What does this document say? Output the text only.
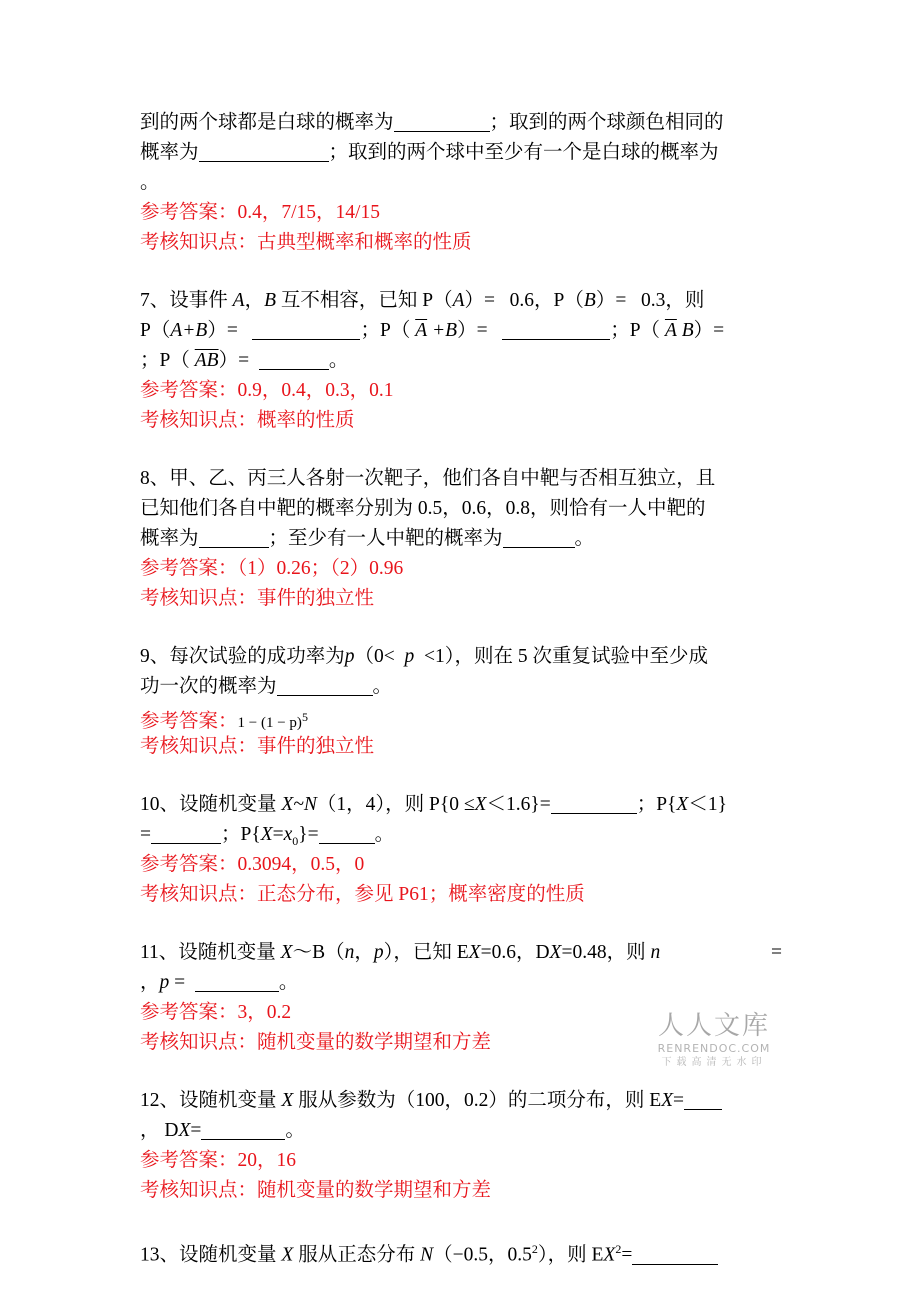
到的两个球都是白球的概率为	；取到的两个球颜色相同的
概率为	；取到的两个球中至少有一个是白球的概率为
。
参考答案：0.4，7/15，14/15
考核知识点：古典型概率和概率的性质
7、设事件 A，B 互不相容，已知 P（A）= 0.6，P（B）= 0.3，则
P（A+B）=	；P（ $\overline{A} +B)=$	；P（ $\overline{A}$ B）=
；P（ $\overline{AB})=$	。
参考答案：0.9，0.4，0.3，0.1
考核知识点：概率的性质
8、甲、乙、丙三人各射一次靶子，他们各自中靶与否相互独立，且
已知他们各自中靶的概率分别为 0.5，0.6，0.8，则恰有一人中靶的
概率为	；至少有一人中靶的概率为	。
参考答案：（1）0.26；（2）0.96
考核知识点：事件的独立性
9、每次试验的成功率为p（0< p <1），则在 5 次重复试验中至少成
功一次的概率为	。
参考答案：$1 - (1 - p)^5$
考核知识点：事件的独立性
10、设随机变量 X~N（1，4），则 P{0 ≤X＜1.6}=	；P{X＜1}
=	；$P\{X=x_0\}=$	。
参考答案：0.3094，0.5，0
考核知识点：正态分布，参见 P61；概率密度的性质
11、设随机变量 X～B（n，p），已知 EX=0.6，DX=0.48，则 n	=
，p =	。
参考答案：3，0.2
考核知识点：随机变量的数学期望和方差
12、设随机变量 X 服从参数为（100，0.2）的二项分布，则 EX=
， DX=	。
参考答案：20，16
考核知识点：随机变量的数学期望和方差
13、设随机变量 X 服从正态分布 N（−0.5，$0.5^2$），则 $EX^2=$
人人文库
RENRENDOC.COM
下载高清无水印
